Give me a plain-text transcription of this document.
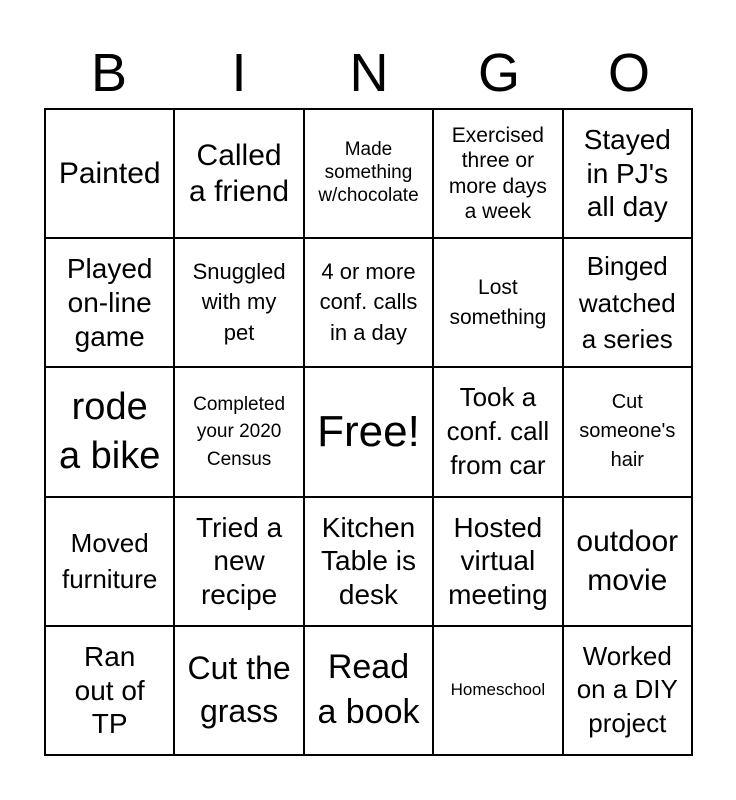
B	I	N	G	O
Painted
Called
a friend
Made
something
w/chocolate
Exercised
three or
more days
a week
Stayed
in PJ's
all day
Played
on-line
game
Snuggled
with my
pet
4 or more
conf. calls
in a day
Lost
something
Binged
watched
a series
rode
a bike
Completed
your 2020
Census
Free!
Took a
conf. call
from car
Cut
someone's
hair
Moved
furniture
Tried a
new
recipe
Kitchen
Table is
desk
Hosted
virtual
meeting
outdoor
movie
Ran
out of
TP
Cut the
grass
Read
a book
Homeschool
Worked
on a DIY
project
